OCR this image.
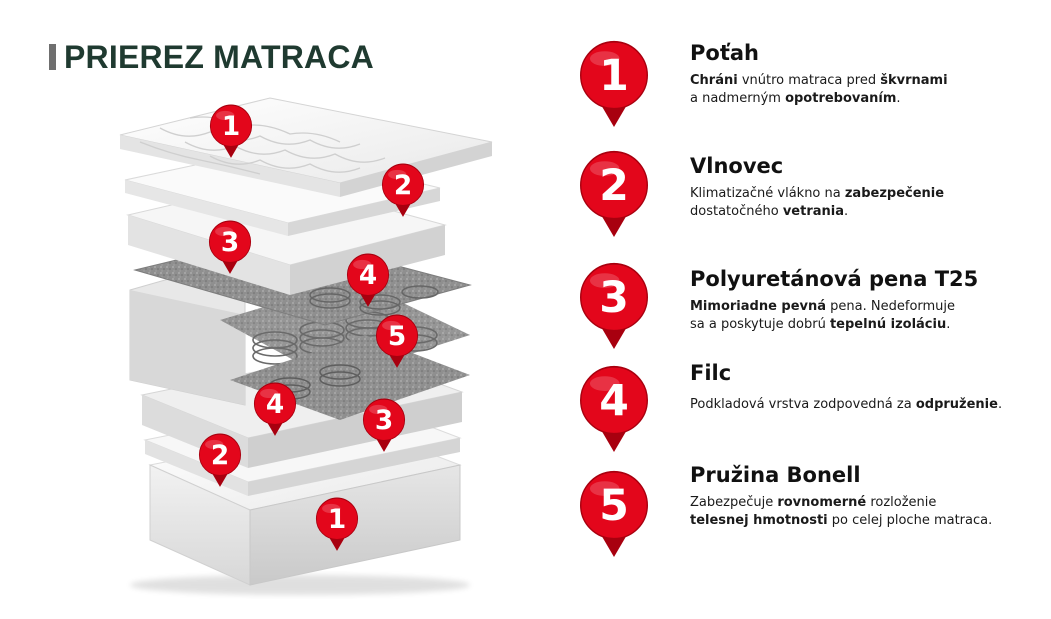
PRIEREZ MATRACA
1
2
3
4
5
4
3
2
1
Poťah
Chráni vnútro matraca pred škvrnami
a nadmerným opotrebovaním.
Vlnovec
Klimatizačné vlákno na zabezpečenie
dostatočného vetrania.
Polyuretánová pena T25
Mimoriadne pevná pena. Nedeformuje
sa a poskytuje dobrú tepelnú izoláciu.
Filc
Podkladová vrstva zodpovedná za odpruženie.
Pružina Bonell
Zabezpečuje rovnomerné rozloženie
telesnej hmotnosti po celej ploche matraca.
1
2
3
4
5
